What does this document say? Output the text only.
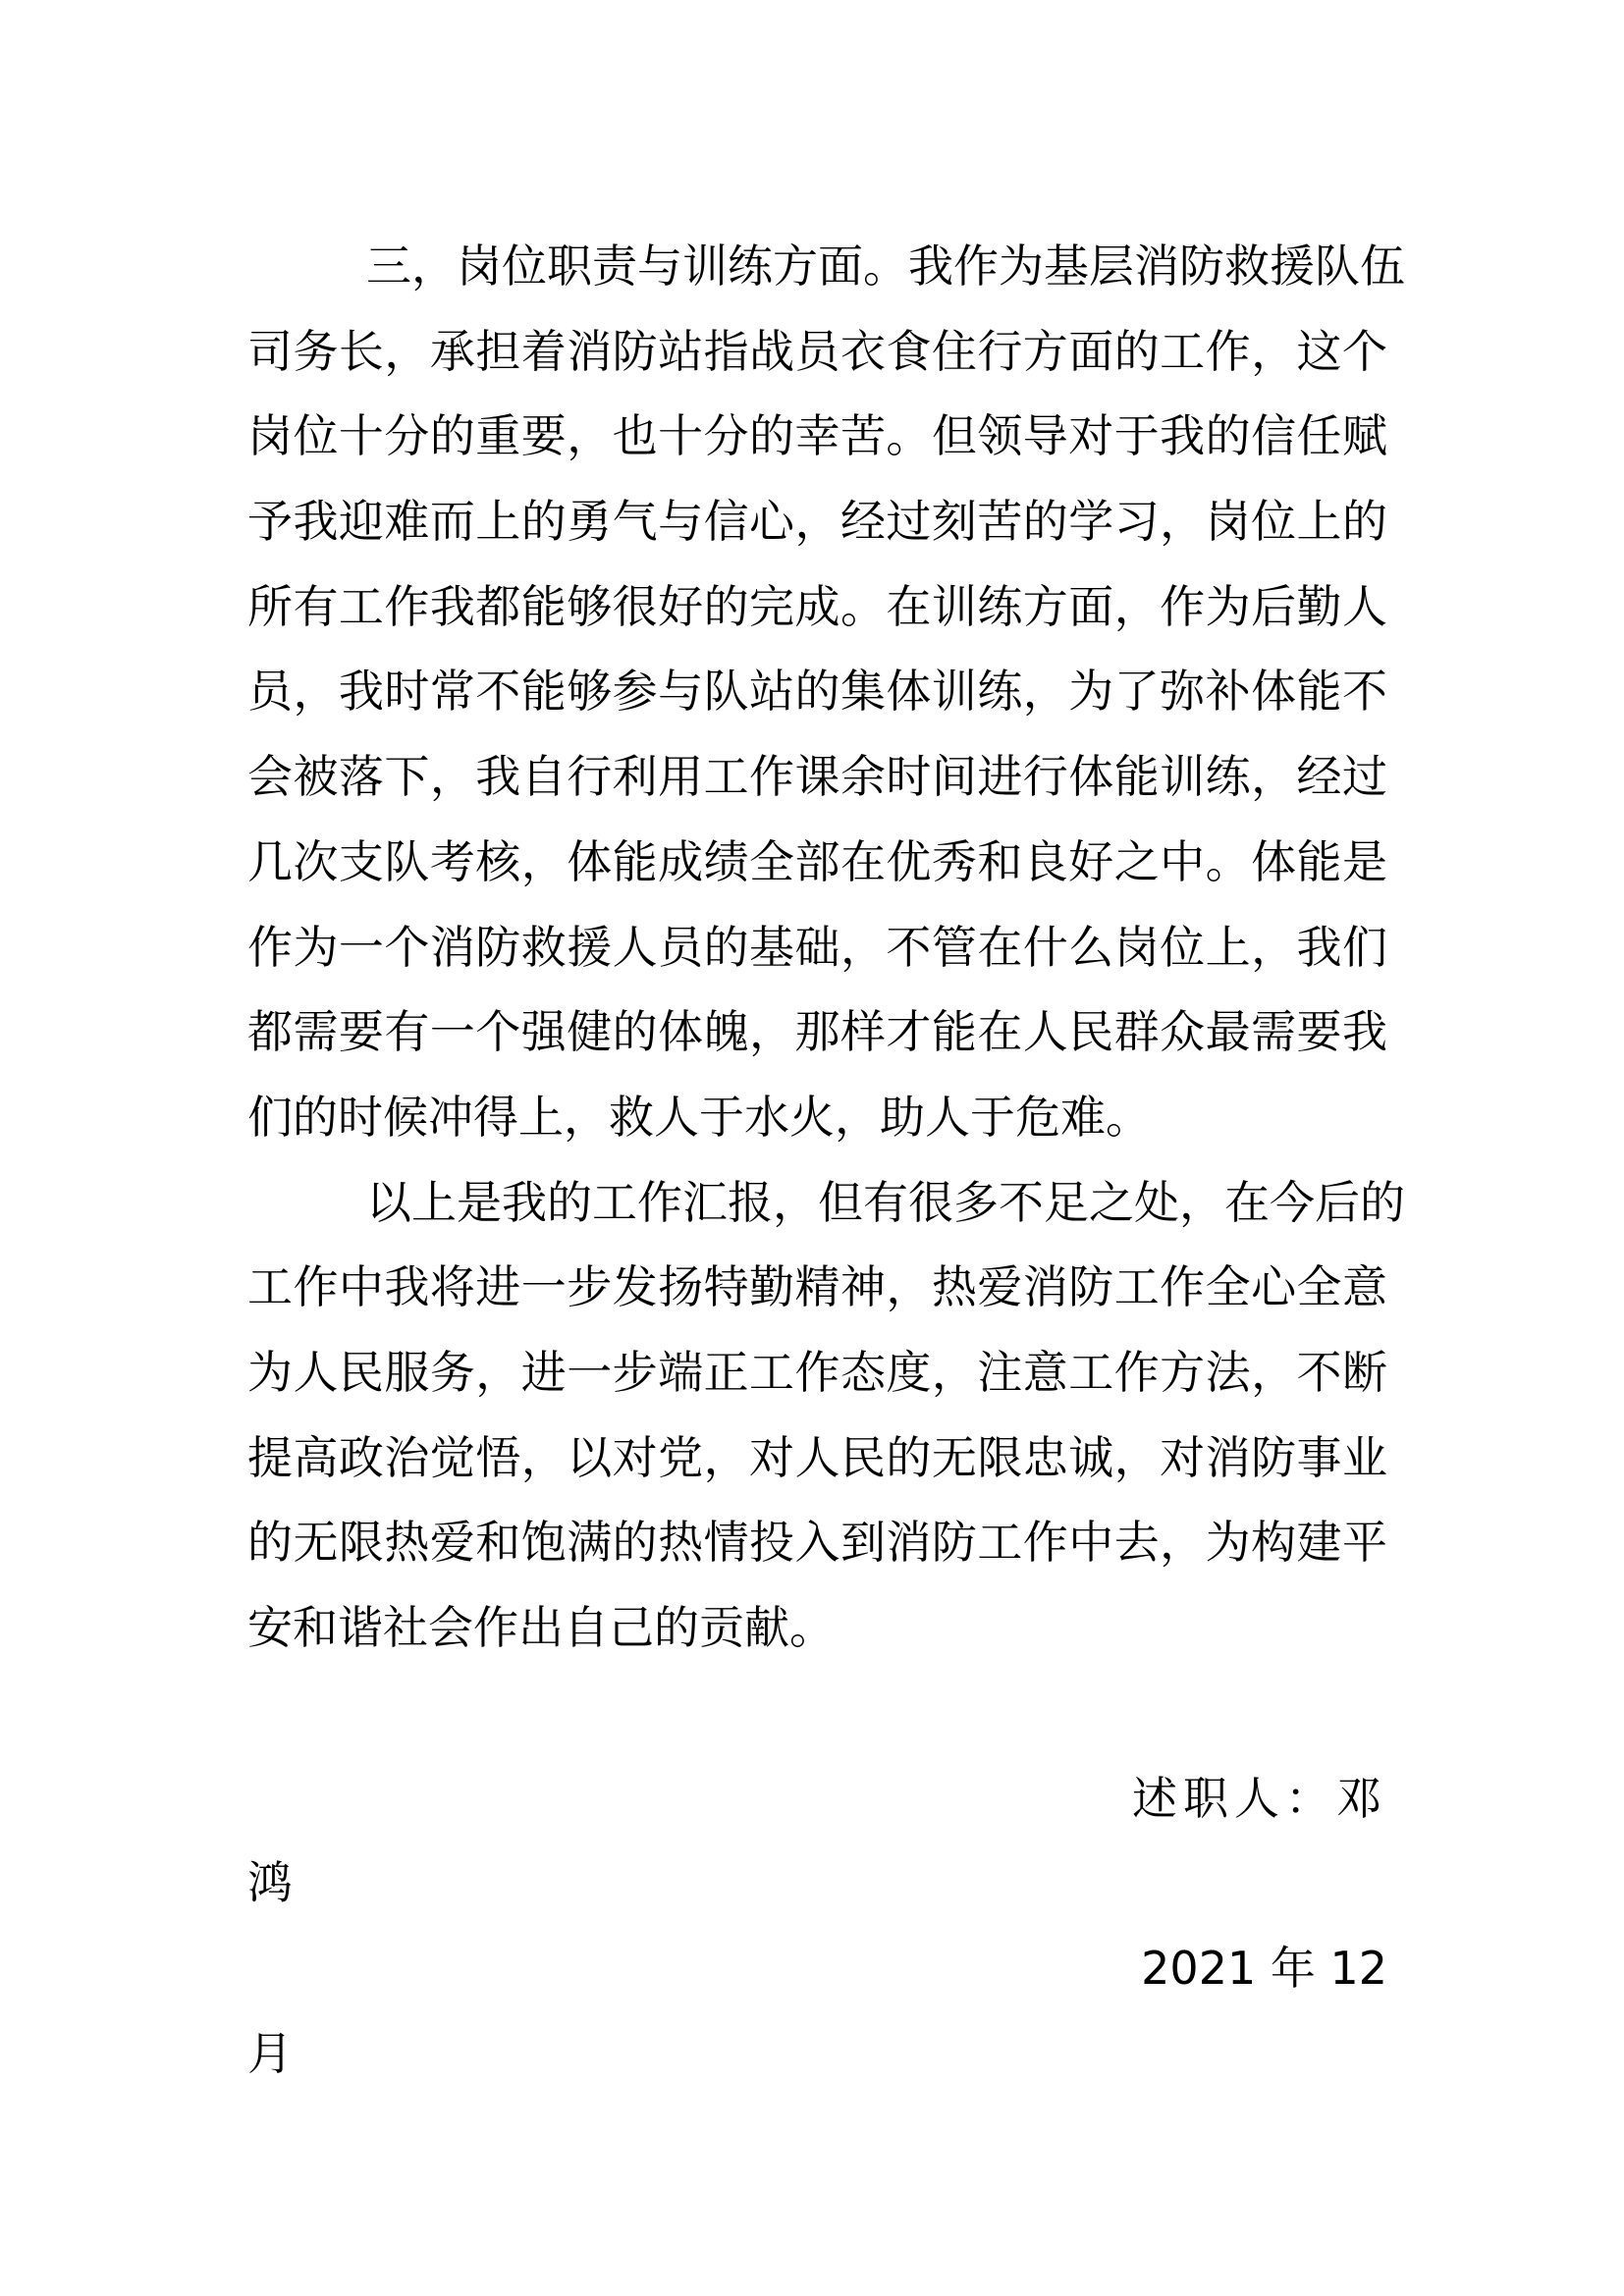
三，岗位职责与训练方面。我作为基层消防救援队伍
司务长，承担着消防站指战员衣食住行方面的工作，这个
岗位十分的重要，也十分的幸苦。但领导对于我的信任赋
予我迎难而上的勇气与信心，经过刻苦的学习，岗位上的
所有工作我都能够很好的完成。在训练方面，作为后勤人
员，我时常不能够参与队站的集体训练，为了弥补体能不
会被落下，我自行利用工作课余时间进行体能训练，经过
几次支队考核，体能成绩全部在优秀和良好之中。体能是
作为一个消防救援人员的基础，不管在什么岗位上，我们
都需要有一个强健的体魄，那样才能在人民群众最需要我
们的时候冲得上，救人于水火，助人于危难。
以上是我的工作汇报，但有很多不足之处，在今后的
工作中我将进一步发扬特勤精神，热爱消防工作全心全意
为人民服务，进一步端正工作态度，注意工作方法，不断
提高政治觉悟，以对党，对人民的无限忠诚，对消防事业
的无限热爱和饱满的热情投入到消防工作中去，为构建平
安和谐社会作出自己的贡献。
述职人：邓
鸿
2021 年 12
月
